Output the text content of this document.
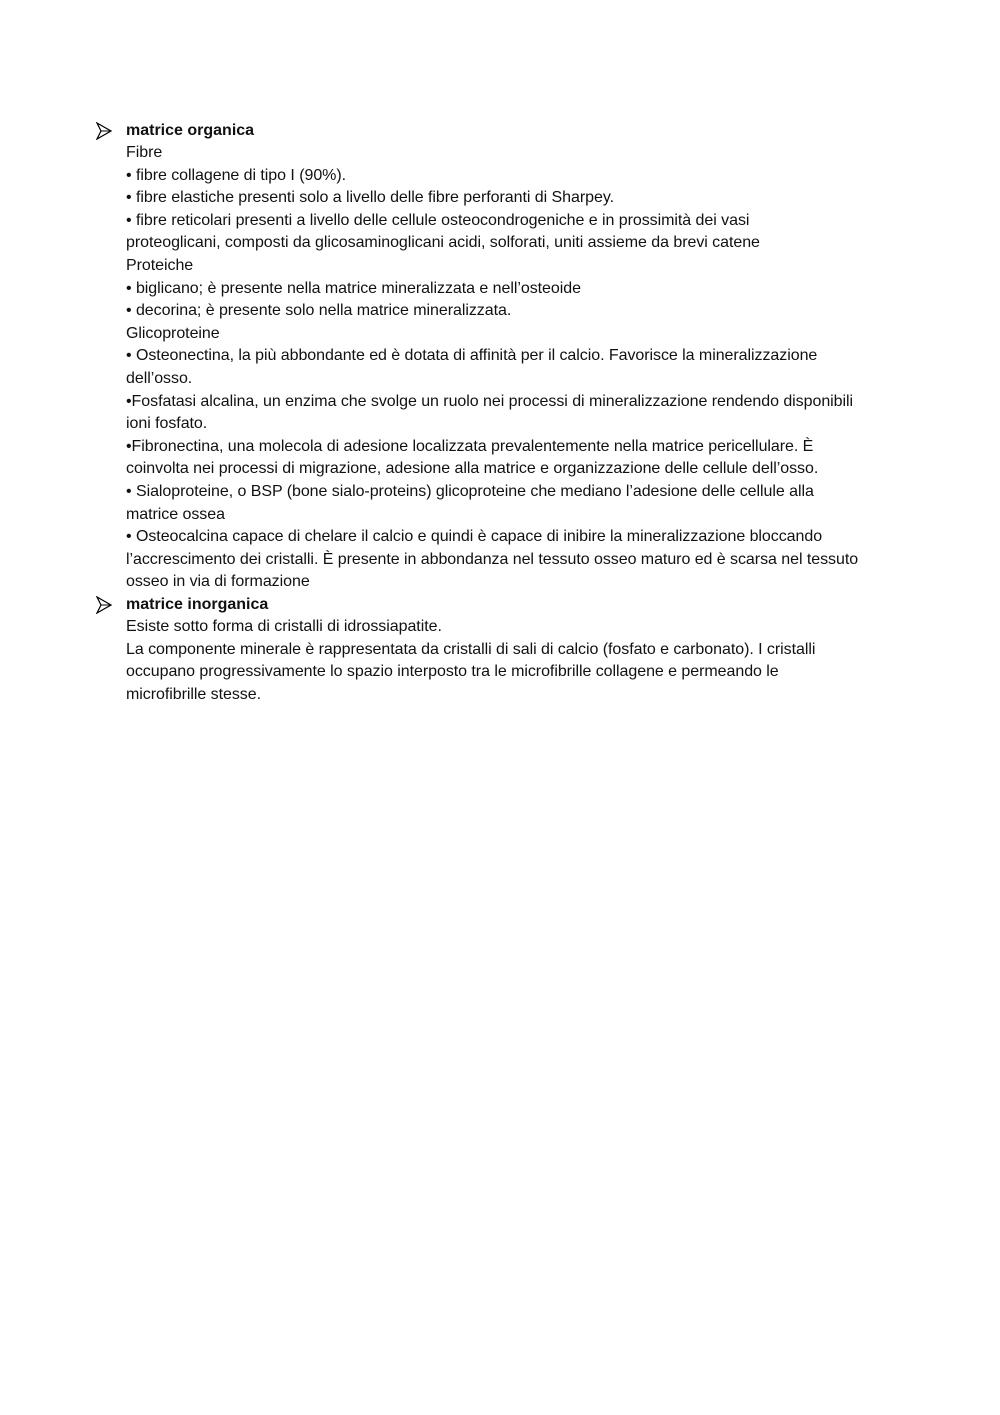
matrice organica
Fibre
• fibre collagene di tipo I (90%).
• fibre elastiche presenti solo a livello delle fibre perforanti di Sharpey.
• fibre reticolari presenti a livello delle cellule osteocondrogeniche e in prossimità dei vasi
proteoglicani, composti da glicosaminoglicani acidi, solforati, uniti assieme da brevi catene
Proteiche
• biglicano; è presente nella matrice mineralizzata e nell’osteoide
• decorina; è presente solo nella matrice mineralizzata.
Glicoproteine
• Osteonectina, la più abbondante ed è dotata di affinità per il calcio. Favorisce la mineralizzazione
dell’osso.
•Fosfatasi alcalina, un enzima che svolge un ruolo nei processi di mineralizzazione rendendo disponibili
ioni fosfato.
•Fibronectina, una molecola di adesione localizzata prevalentemente nella matrice pericellulare. È
coinvolta nei processi di migrazione, adesione alla matrice e organizzazione delle cellule dell’osso.
• Sialoproteine, o BSP (bone sialo-proteins) glicoproteine che mediano l’adesione delle cellule alla
matrice ossea
• Osteocalcina capace di chelare il calcio e quindi è capace di inibire la mineralizzazione bloccando
l’accrescimento dei cristalli. È presente in abbondanza nel tessuto osseo maturo ed è scarsa nel tessuto
osseo in via di formazione
matrice inorganica
Esiste sotto forma di cristalli di idrossiapatite.
La componente minerale è rappresentata da cristalli di sali di calcio (fosfato e carbonato). I cristalli
occupano progressivamente lo spazio interposto tra le microfibrille collagene e permeando le
microfibrille stesse.
